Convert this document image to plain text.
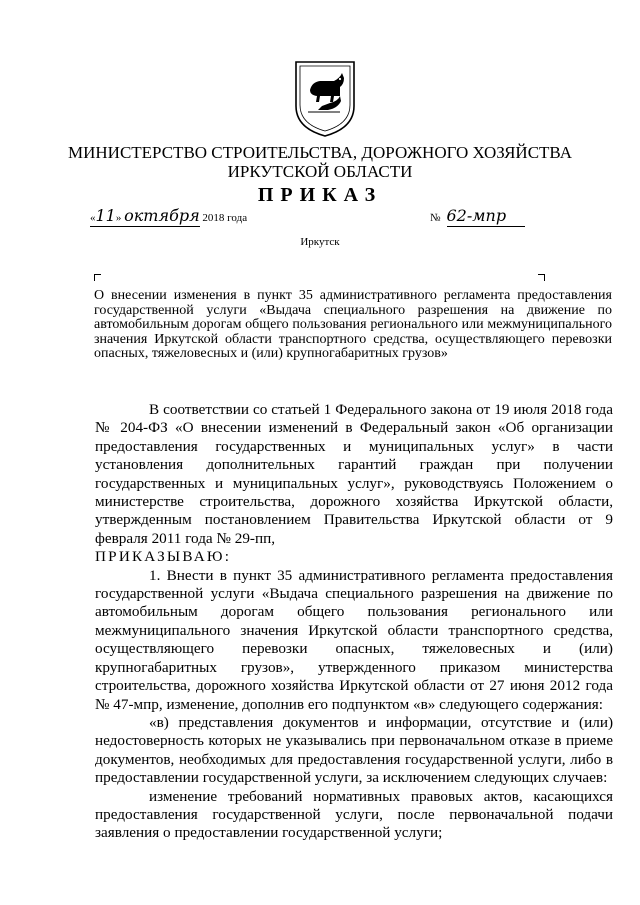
МИНИСТЕРСТВО СТРОИТЕЛЬСТВА, ДОРОЖНОГО ХОЗЯЙСТВА
ИРКУТСКОЙ ОБЛАСТИ
ПРИКАЗ
«11» октября 2018 года	№ 62-мпр
Иркутск
О внесении изменения в пункт 35 административного регламента предоставления государственной услуги «Выдача специального разрешения на движение по автомобильным дорогам общего пользования регионального или межмуниципального значения Иркутской области транспортного средства, осуществляющего перевозки опасных, тяжеловесных и (или) крупногабаритных грузов»

В соответствии со статьей 1 Федерального закона от 19 июля 2018 года № 204-ФЗ «О внесении изменений в Федеральный закон «Об организации предоставления государственных и муниципальных услуг» в части установления дополнительных гарантий граждан при получении государственных и муниципальных услуг», руководствуясь Положением о министерстве строительства, дорожного хозяйства Иркутской области, утвержденным постановлением Правительства Иркутской области от 9 февраля 2011 года № 29-пп,

ПРИКАЗЫВАЮ:

1. Внести в пункт 35 административного регламента предоставления государственной услуги «Выдача специального разрешения на движение по автомобильным дорогам общего пользования регионального или межмуниципального значения Иркутской области транспортного средства, осуществляющего перевозки опасных, тяжеловесных и (или) крупногабаритных грузов», утвержденного приказом министерства строительства, дорожного хозяйства Иркутской области от 27 июня 2012 года № 47-мпр, изменение, дополнив его подпунктом «в» следующего содержания:

«в) представления документов и информации, отсутствие и (или) недостоверность которых не указывались при первоначальном отказе в приеме документов, необходимых для предоставления государственной услуги, либо в предоставлении государственной услуги, за исключением следующих случаев:

изменение требований нормативных правовых актов, касающихся предоставления государственной услуги, после первоначальной подачи заявления о предоставлении государственной услуги;
